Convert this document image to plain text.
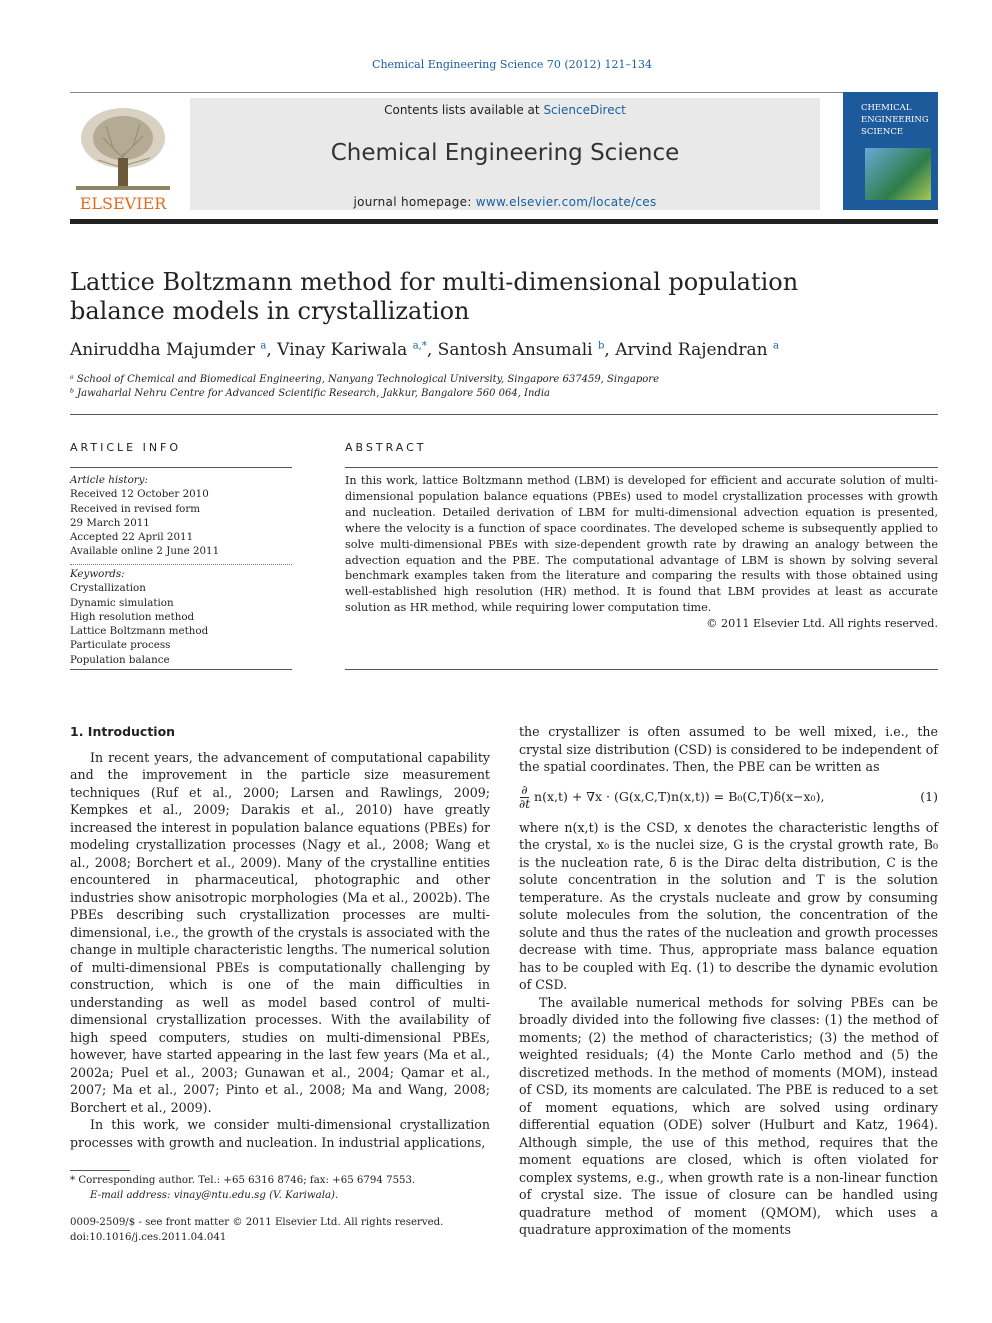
Chemical Engineering Science 70 (2012) 121–134
ELSEVIER
Contents lists available at ScienceDirect
Chemical Engineering Science
journal homepage: www.elsevier.com/locate/ces
CHEMICAL ENGINEERING SCIENCE
Lattice Boltzmann method for multi-dimensional population balance models in crystallization
Aniruddha Majumder $^a$, Vinay Kariwala $^{a,*}$, Santosh Ansumali $^b$, Arvind Rajendran $^a$
ᵃ School of Chemical and Biomedical Engineering, Nanyang Technological University, Singapore 637459, Singapore
ᵇ Jawaharlal Nehru Centre for Advanced Scientific Research, Jakkur, Bangalore 560 064, India
ARTICLE INFO	ABSTRACT
Article history:
Received 12 October 2010
Received in revised form
29 March 2011
Accepted 22 April 2011
Available online 2 June 2011
Keywords:
Crystallization
Dynamic simulation
High resolution method
Lattice Boltzmann method
Particulate process
Population balance
In this work, lattice Boltzmann method (LBM) is developed for efficient and accurate solution of multi-dimensional population balance equations (PBEs) used to model crystallization processes with growth and nucleation. Detailed derivation of LBM for multi-dimensional advection equation is presented, where the velocity is a function of space coordinates. The developed scheme is subsequently applied to solve multi-dimensional PBEs with size-dependent growth rate by drawing an analogy between the advection equation and the PBE. The computational advantage of LBM is shown by solving several benchmark examples taken from the literature and comparing the results with those obtained using well-established high resolution (HR) method. It is found that LBM provides at least as accurate solution as HR method, while requiring lower computation time.
© 2011 Elsevier Ltd. All rights reserved.
1. Introduction

In recent years, the advancement of computational capability and the improvement in the particle size measurement techniques (Ruf et al., 2000; Larsen and Rawlings, 2009; Kempkes et al., 2009; Darakis et al., 2010) have greatly increased the interest in population balance equations (PBEs) for modeling crystallization processes (Nagy et al., 2008; Wang et al., 2008; Borchert et al., 2009). Many of the crystalline entities encountered in pharmaceutical, photographic and other industries show anisotropic morphologies (Ma et al., 2002b). The PBEs describing such crystallization processes are multi-dimensional, i.e., the growth of the crystals is associated with the change in multiple characteristic lengths. The numerical solution of multi-dimensional PBEs is computationally challenging by construction, which is one of the main difficulties in understanding as well as model based control of multi-dimensional crystallization processes. With the availability of high speed computers, studies on multi-dimensional PBEs, however, have started appearing in the last few years (Ma et al., 2002a; Puel et al., 2003; Gunawan et al., 2004; Qamar et al., 2007; Ma et al., 2007; Pinto et al., 2008; Ma and Wang, 2008; Borchert et al., 2009).

In this work, we consider multi-dimensional crystallization processes with growth and nucleation. In industrial applications,

the crystallizer is often assumed to be well mixed, i.e., the crystal size distribution (CSD) is considered to be independent of the spatial coordinates. Then, the PBE can be written as

$\frac{\partial}{\partial t} n(x,t) + \nabla x \cdot (G(x,C,T)n(x,t)) = B_0(C,T)\delta(x-x_0)$,	(1)

where n(x,t) is the CSD, x denotes the characteristic lengths of the crystal, x₀ is the nuclei size, G is the crystal growth rate, B₀ is the nucleation rate, δ is the Dirac delta distribution, C is the solute concentration in the solution and T is the solution temperature. As the crystals nucleate and grow by consuming solute molecules from the solution, the concentration of the solute and thus the rates of the nucleation and growth processes decrease with time. Thus, appropriate mass balance equation has to be coupled with Eq. (1) to describe the dynamic evolution of CSD.

The available numerical methods for solving PBEs can be broadly divided into the following five classes: (1) the method of moments; (2) the method of characteristics; (3) the method of weighted residuals; (4) the Monte Carlo method and (5) the discretized methods. In the method of moments (MOM), instead of CSD, its moments are calculated. The PBE is reduced to a set of moment equations, which are solved using ordinary differential equation (ODE) solver (Hulburt and Katz, 1964). Although simple, the use of this method, requires that the moment equations are closed, which is often violated for complex systems, e.g., when growth rate is a non-linear function of crystal size. The issue of closure can be handled using quadrature method of moment (QMOM), which uses a quadrature approximation of the moments

* Corresponding author. Tel.: +65 6316 8746; fax: +65 6794 7553.
E-mail address: vinay@ntu.edu.sg (V. Kariwala).
0009-2509/$ - see front matter © 2011 Elsevier Ltd. All rights reserved.
doi:10.1016/j.ces.2011.04.041
